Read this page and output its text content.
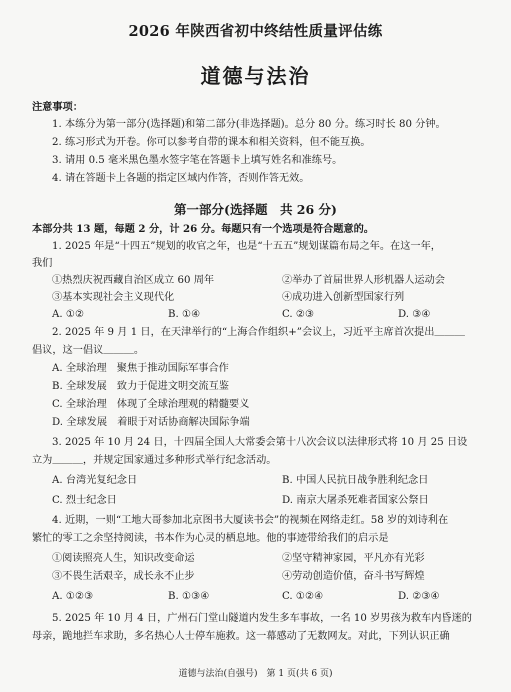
2026 年陕西省初中终结性质量评估练
道德与法治
注意事项：
1. 本练分为第一部分(选择题)和第二部分(非选择题)。总分 80 分。练习时长 80 分钟。
2. 练习形式为开卷。你可以参考自带的课本和相关资料，但不能互换。
3. 请用 0.5 毫米黑色墨水签字笔在答题卡上填写姓名和准练号。
4. 请在答题卡上各题的指定区域内作答，否则作答无效。
第一部分(选择题　共 26 分)
本部分共 13 题，每题 2 分，计 26 分。每题只有一个选项是符合题意的。
1. 2025 年是“十四五”规划的收官之年，也是“十五五”规划谋篇布局之年。在这一年，
我们
①热烈庆祝西藏自治区成立 60 周年	②举办了首届世界人形机器人运动会
③基本实现社会主义现代化	④成功进入创新型国家行列
A. ①②	B. ①④	C. ②③	D. ③④
2. 2025 年 9 月 1 日，在天津举行的“上海合作组织+”会议上，习近平主席首次提出＿＿＿
倡议，这一倡议＿＿＿。
A. 全球治理　聚焦于推动国际军事合作
B. 全球发展　致力于促进文明交流互鉴
C. 全球治理　体现了全球治理观的精髓要义
D. 全球发展　着眼于对话协商解决国际争端
3. 2025 年 10 月 24 日，十四届全国人大常委会第十八次会议以法律形式将 10 月 25 日设
立为＿＿＿，并规定国家通过多种形式举行纪念活动。
A. 台湾光复纪念日	B. 中国人民抗日战争胜利纪念日
C. 烈士纪念日	D. 南京大屠杀死难者国家公祭日
4. 近期，一则“工地大哥参加北京图书大厦读书会”的视频在网络走红。58 岁的刘诗利在
繁忙的零工之余坚持阅读，书本作为心灵的栖息地。他的事迹带给我们的启示是
①阅读照亮人生，知识改变命运	②坚守精神家园，平凡亦有光彩
③不畏生活艰辛，成长永不止步	④劳动创造价值，奋斗书写辉煌
A. ①②③	B. ①③④	C. ①②④	D. ②③④
5. 2025 年 10 月 4 日，广州石门堂山隧道内发生多车事故，一名 10 岁男孩为救车内昏迷的
母亲，跪地拦车求助，多名热心人士停车施救。这一幕感动了无数网友。对此，下列认识正确
道德与法治(自强号)　第 1 页(共 6 页)
